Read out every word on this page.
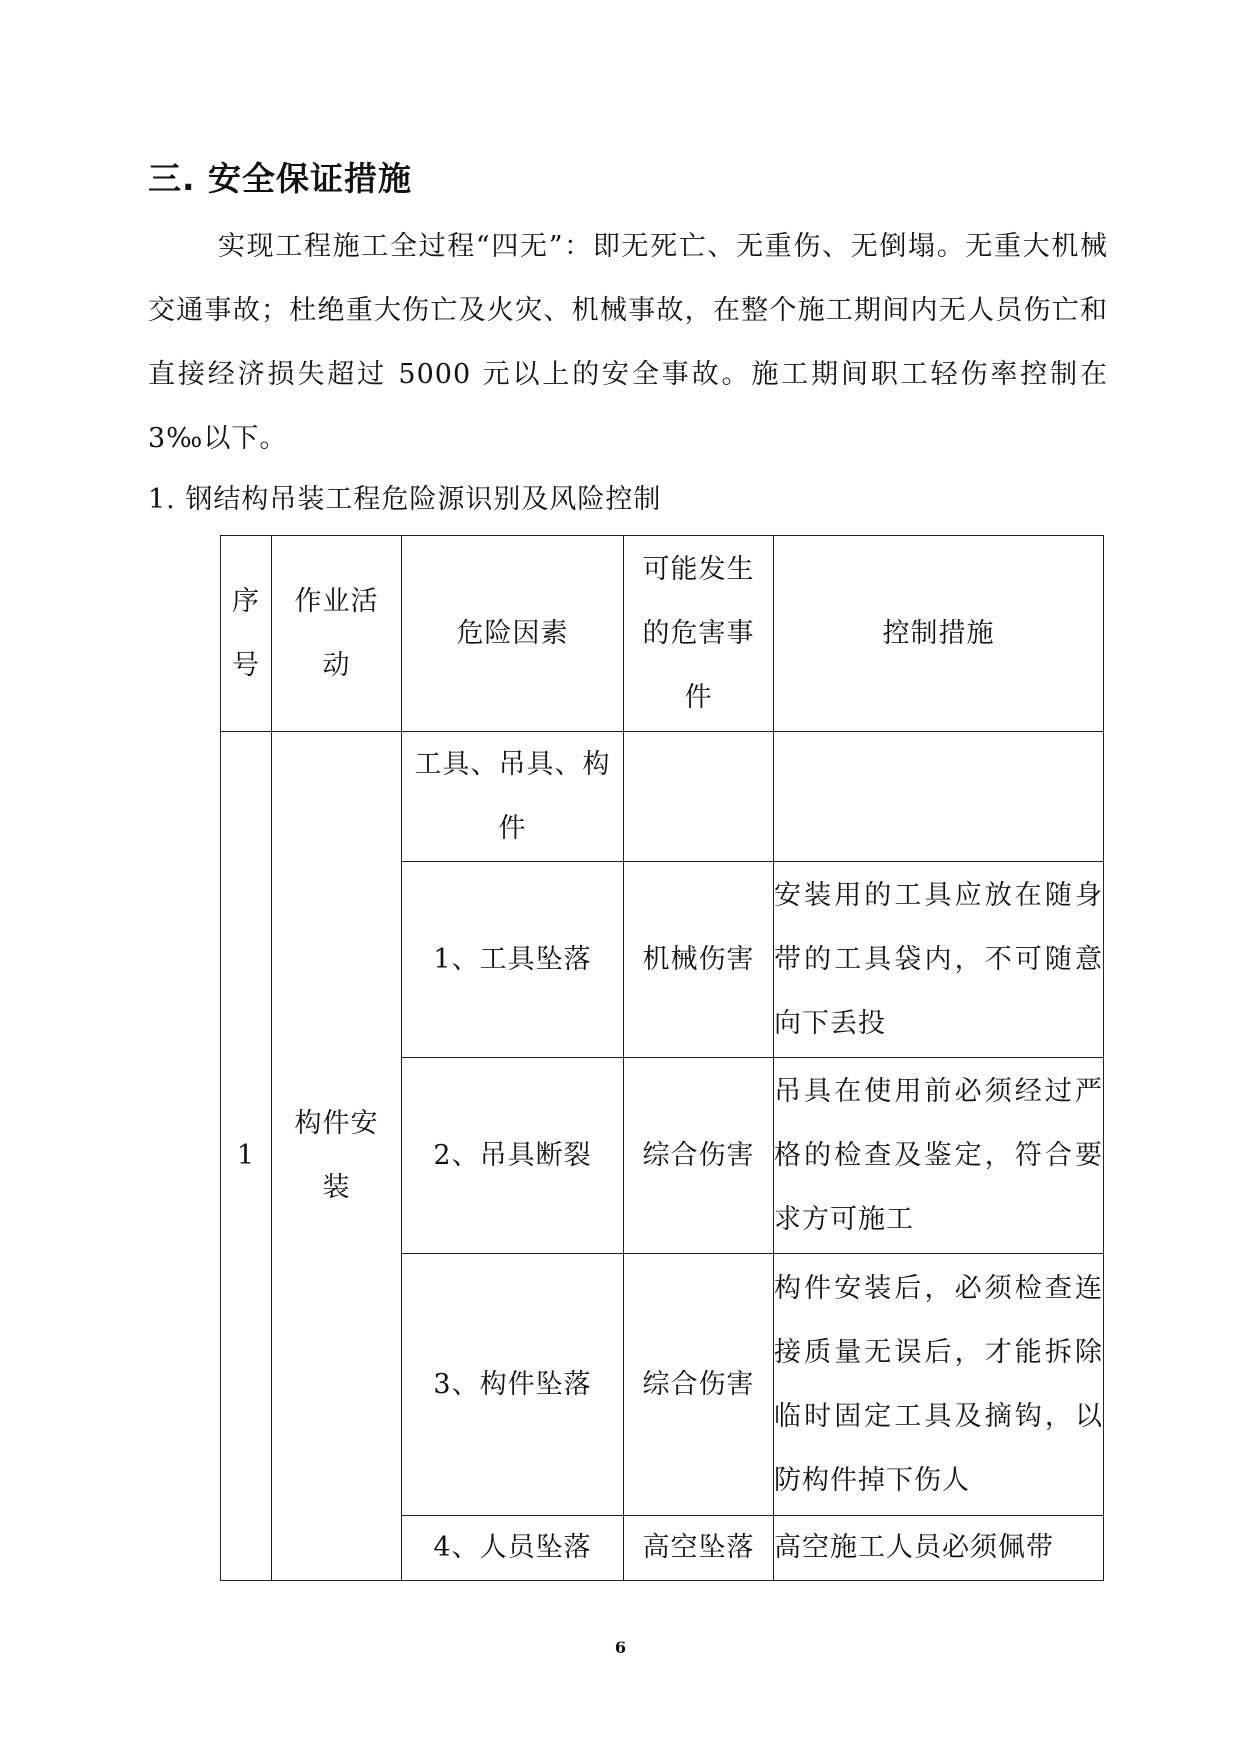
三. 安全保证措施

实现工程施工全过程“四无”：即无死亡、无重伤、无倒塌。无重大机械交通事故；杜绝重大伤亡及火灾、机械事故，在整个施工期间内无人员伤亡和直接经济损失超过 5000 元以上的安全事故。施工期间职工轻伤率控制在 3‰以下。

1. 钢结构吊装工程危险源识别及风险控制

序号	作业活动	危险因素	可能发生的危害事件	控制措施
1	构件安装	工具、吊具、构件		

		1、工具坠落	机械伤害	安装用的工具应放在随身带的工具袋内，不可随意向下丢投

		2、吊具断裂	综合伤害	吊具在使用前必须经过严格的检查及鉴定，符合要求方可施工

		3、构件坠落	综合伤害	构件安装后，必须检查连接质量无误后，才能拆除临时固定工具及摘钩，以防构件掉下伤人

		4、人员坠落	高空坠落	高空施工人员必须佩带
6
